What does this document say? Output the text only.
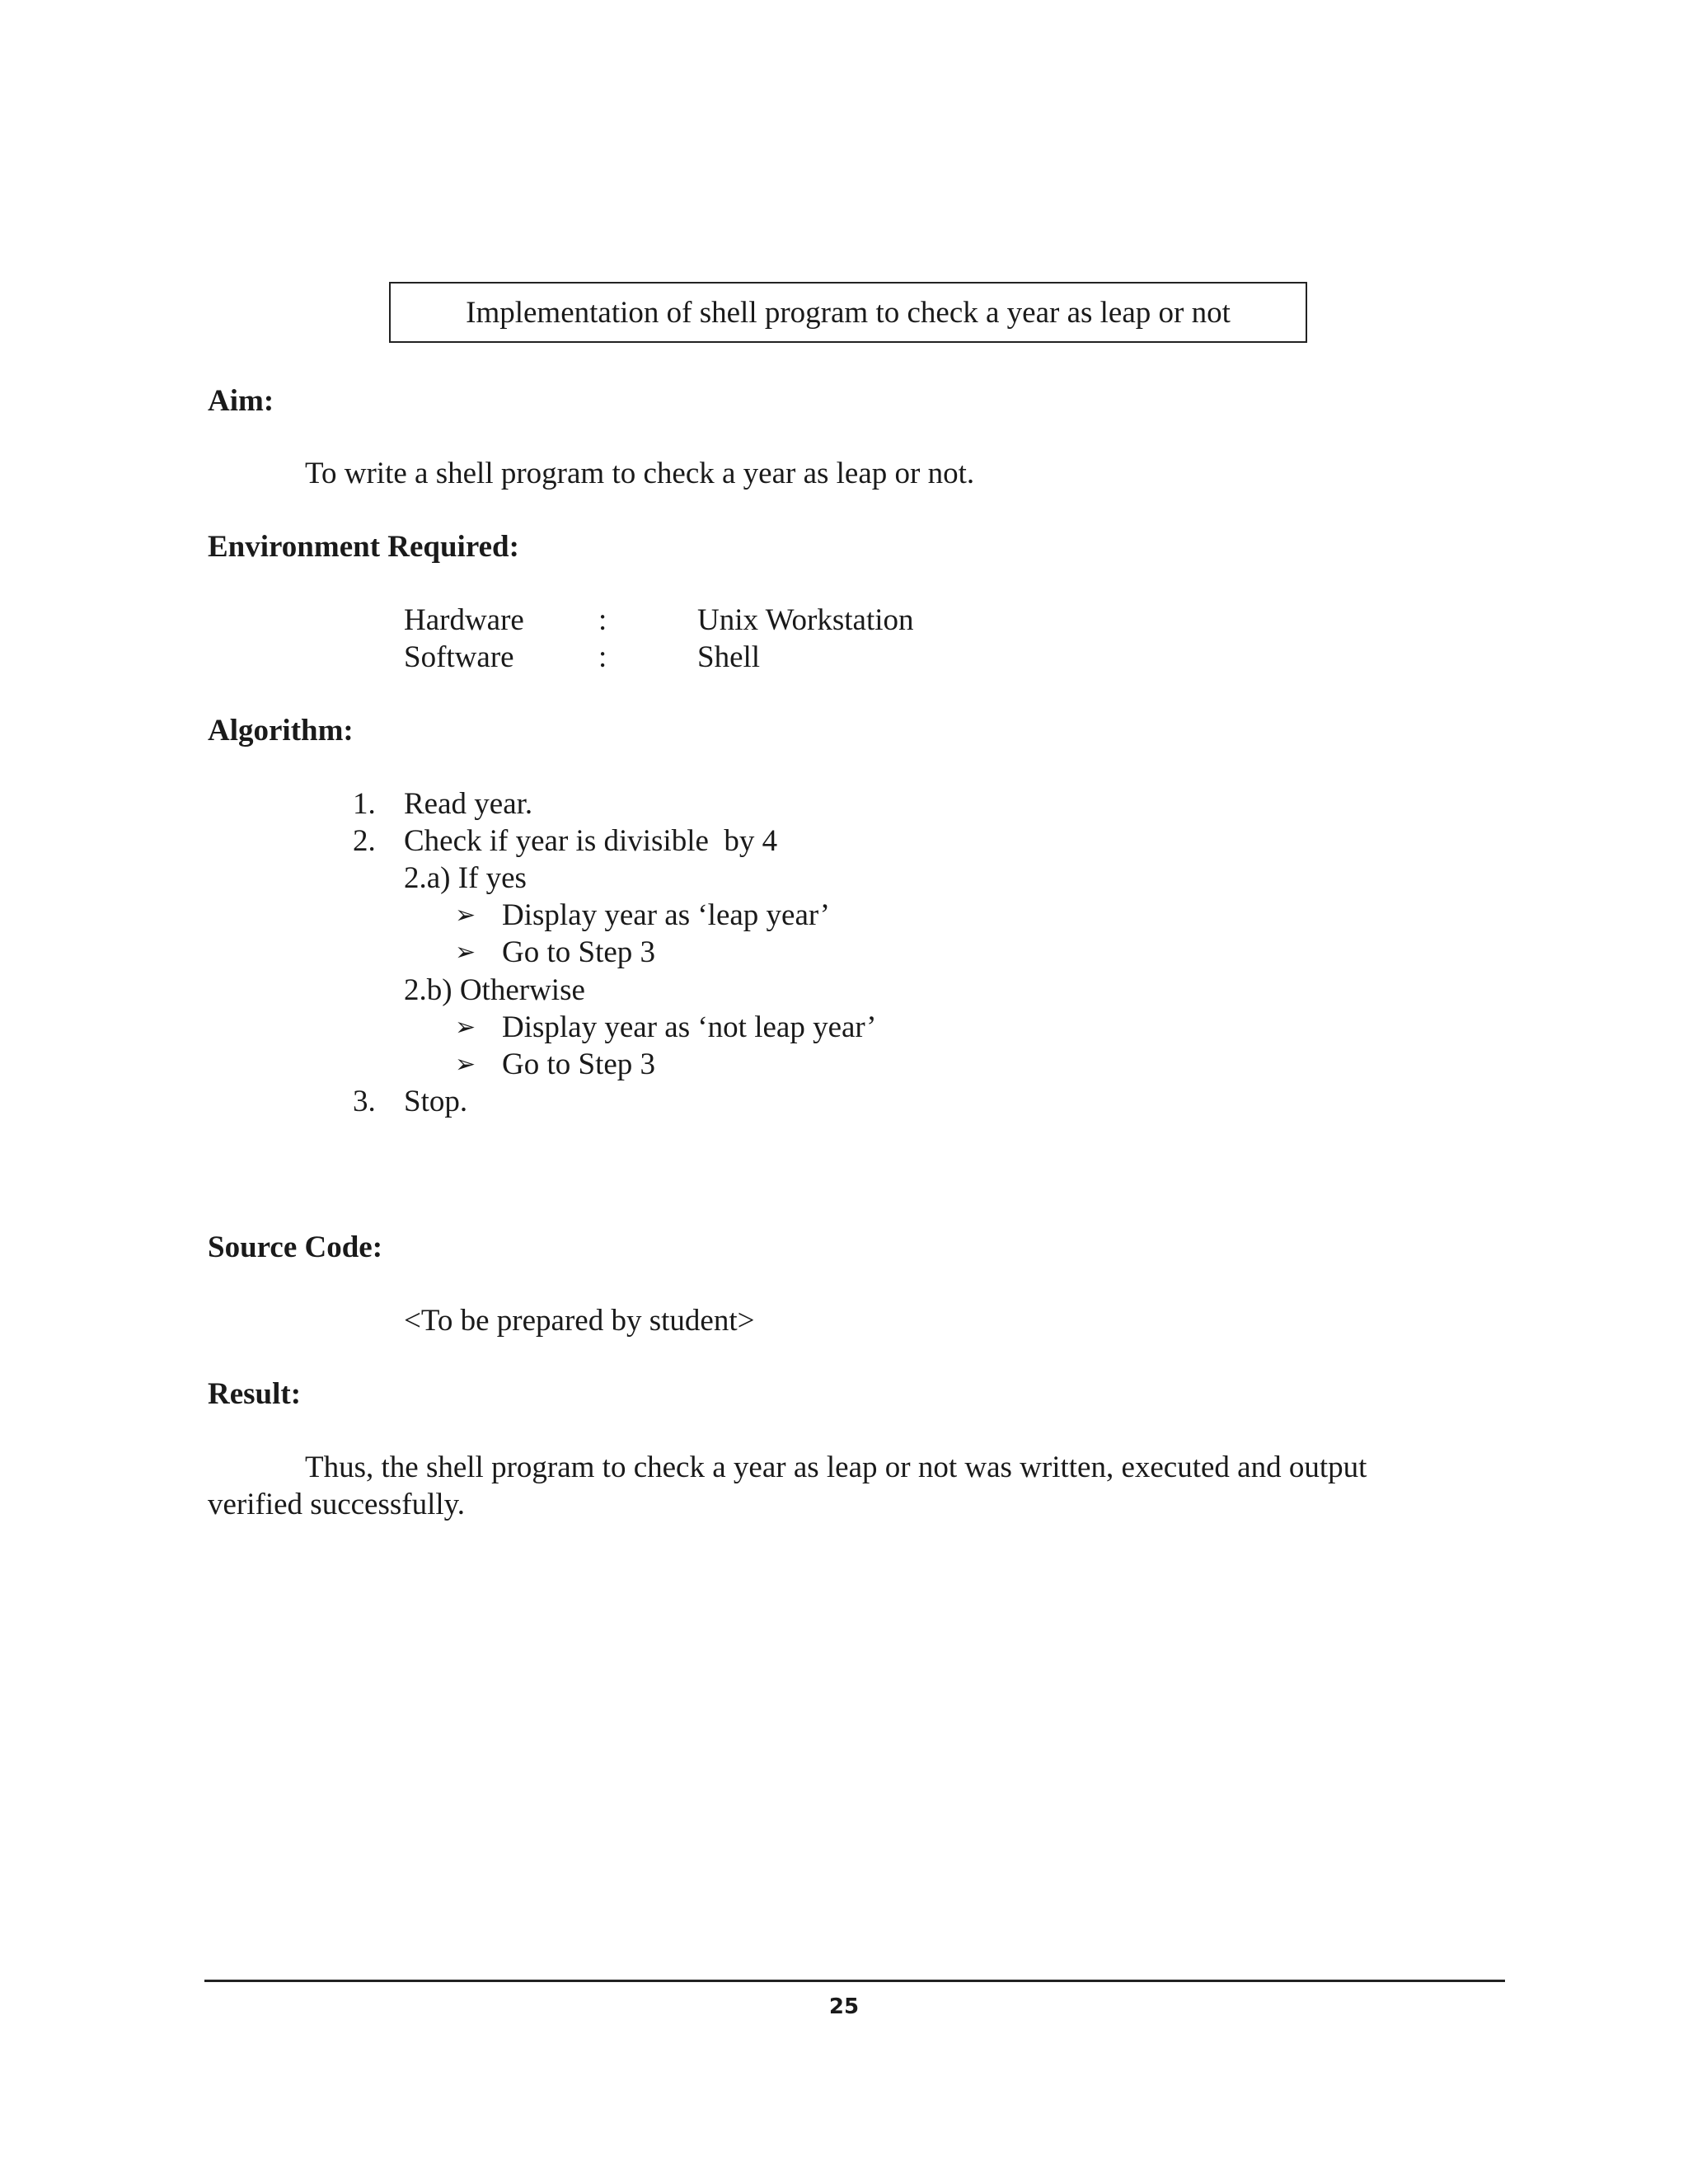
Implementation of shell program to check a year as leap or not
Aim:
To write a shell program to check a year as leap or not.
Environment Required:
Hardware :	Unix Workstation
Software	:	Shell
Algorithm:
1. Read year.
2. Check if year is divisible  by 4
2.a) If yes
➢ Display year as ‘leap year’
➢ Go to Step 3
2.b) Otherwise
➢ Display year as ‘not leap year’
➢ Go to Step 3
3. Stop.
Source Code:
<To be prepared by student>
Result:
Thus, the shell program to check a year as leap or not was written, executed and output
verified successfully.
25
